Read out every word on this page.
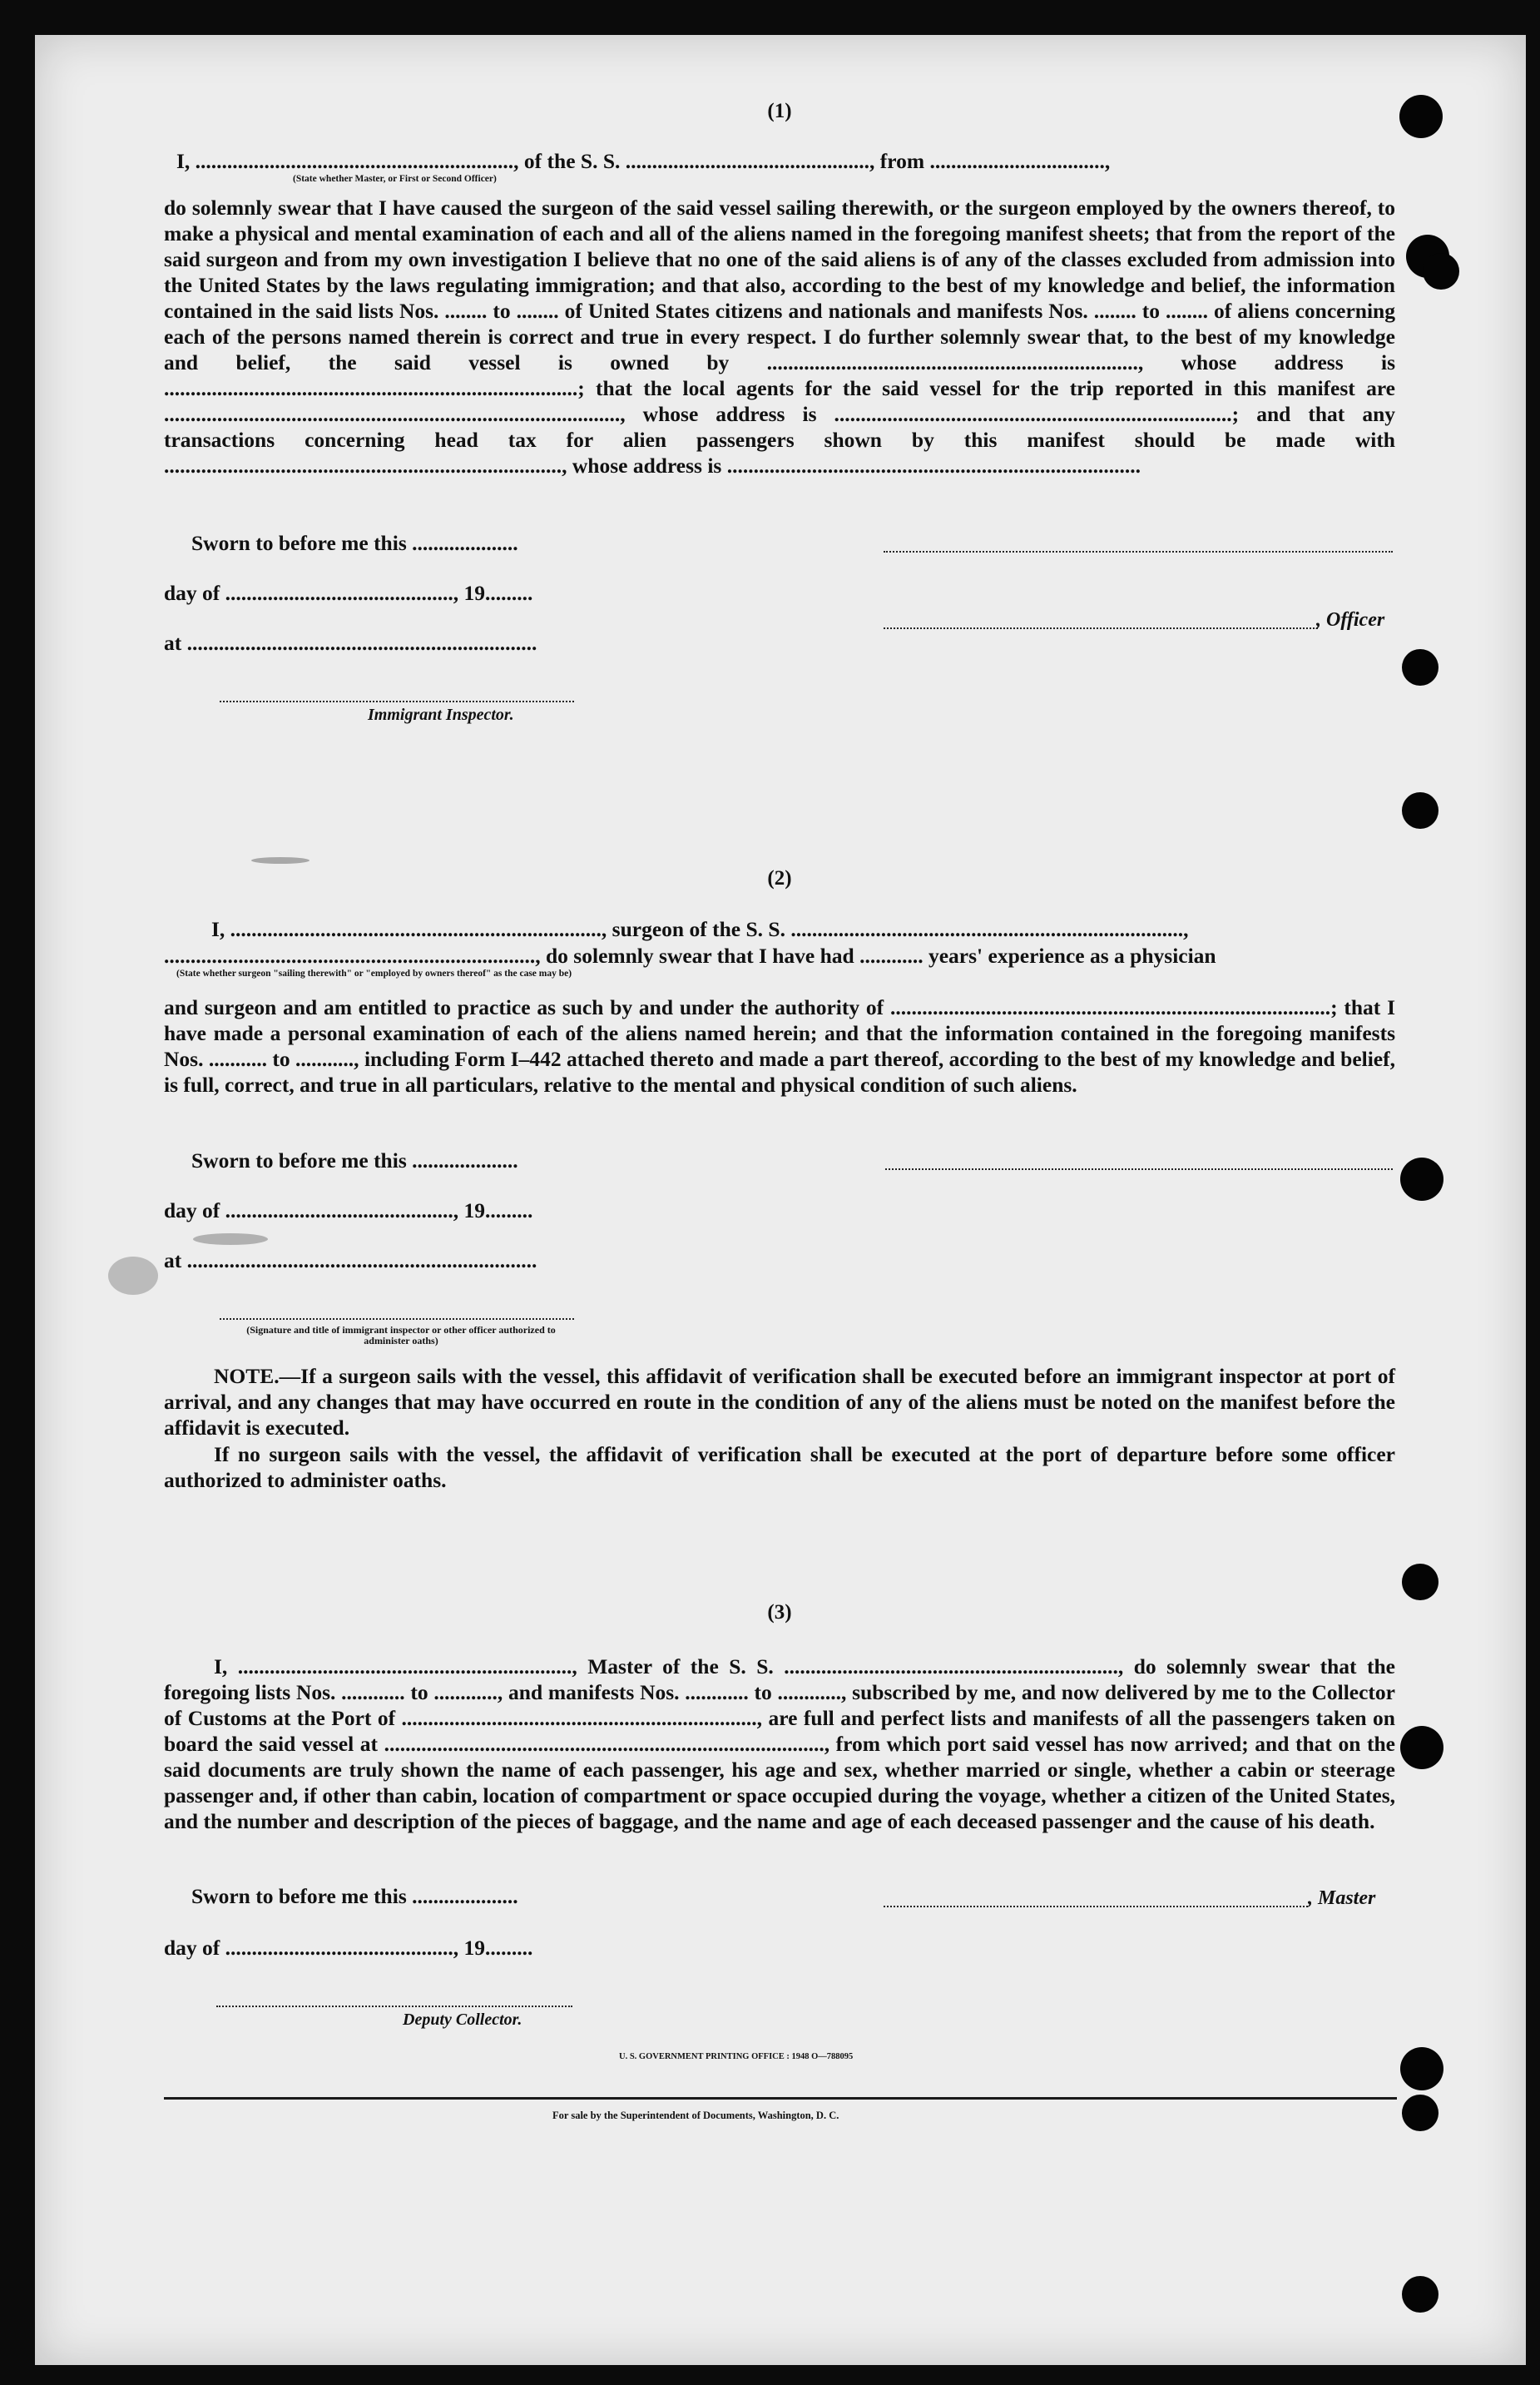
(1)
I, ............................................................, of the S. S. .............................................., from .................................,
(State whether Master, or First or Second Officer)
do solemnly swear that I have caused the surgeon of the said vessel sailing therewith, or the surgeon employed by the owners thereof, to make a physical and mental examination of each and all of the aliens named in the foregoing manifest sheets; that from the report of the said surgeon and from my own investigation I believe that no one of the said aliens is of any of the classes excluded from admission into the United States by the laws regulating immigration; and that also, according to the best of my knowledge and belief, the information contained in the said lists Nos. ........ to ........ of United States citizens and nationals and manifests Nos. ........ to ........ of aliens concerning each of the persons named therein is correct and true in every respect. I do further solemnly swear that, to the best of my knowledge and belief, the said vessel is owned by ......................................................................, whose address is ..............................................................................; that the local agents for the said vessel for the trip reported in this manifest are ......................................................................................, whose address is ...........................................................................; and that any transactions concerning head tax for alien passengers shown by this manifest should be made with ..........................................................................., whose address is ..............................................................................
Sworn to before me this ....................
day of ..........................................., 19.........
, Officer
at ..................................................................
Immigrant Inspector.
(2)
I, ......................................................................, surgeon of the S. S. ..........................................................................,
......................................................................, do solemnly swear that I have had ............ years' experience as a physician
(State whether surgeon "sailing therewith" or "employed by owners thereof" as the case may be)
and surgeon and am entitled to practice as such by and under the authority of ...................................................................................; that I have made a personal examination of each of the aliens named herein; and that the information contained in the foregoing manifests Nos. ........... to ..........., including Form I–442 attached thereto and made a part thereof, according to the best of my knowledge and belief, is full, correct, and true in all particulars, relative to the mental and physical condition of such aliens.
Sworn to before me this ....................
day of ..........................................., 19.........
at ..................................................................
(Signature and title of immigrant inspector or other officer authorized to administer oaths)
NOTE.—If a surgeon sails with the vessel, this affidavit of verification shall be executed before an immigrant inspector at port of arrival, and any changes that may have occurred en route in the condition of any of the aliens must be noted on the manifest before the affidavit is executed.
If no surgeon sails with the vessel, the affidavit of verification shall be executed at the port of departure before some officer authorized to administer oaths.
(3)
I, ..............................................................., Master of the S. S. ..............................................................., do solemnly swear that the foregoing lists Nos. ............ to ............, and manifests Nos. ............ to ............, subscribed by me, and now delivered by me to the Collector of Customs at the Port of ..................................................................., are full and perfect lists and manifests of all the passengers taken on board the said vessel at ..................................................................................., from which port said vessel has now arrived; and that on the said documents are truly shown the name of each passenger, his age and sex, whether married or single, whether a cabin or steerage passenger and, if other than cabin, location of compartment or space occupied during the voyage, whether a citizen of the United States, and the number and description of the pieces of baggage, and the name and age of each deceased passenger and the cause of his death.
Sworn to before me this ....................	, Master
day of ..........................................., 19.........
Deputy Collector.
U. S. GOVERNMENT PRINTING OFFICE : 1948 O—788095
For sale by the Superintendent of Documents, Washington, D. C.
